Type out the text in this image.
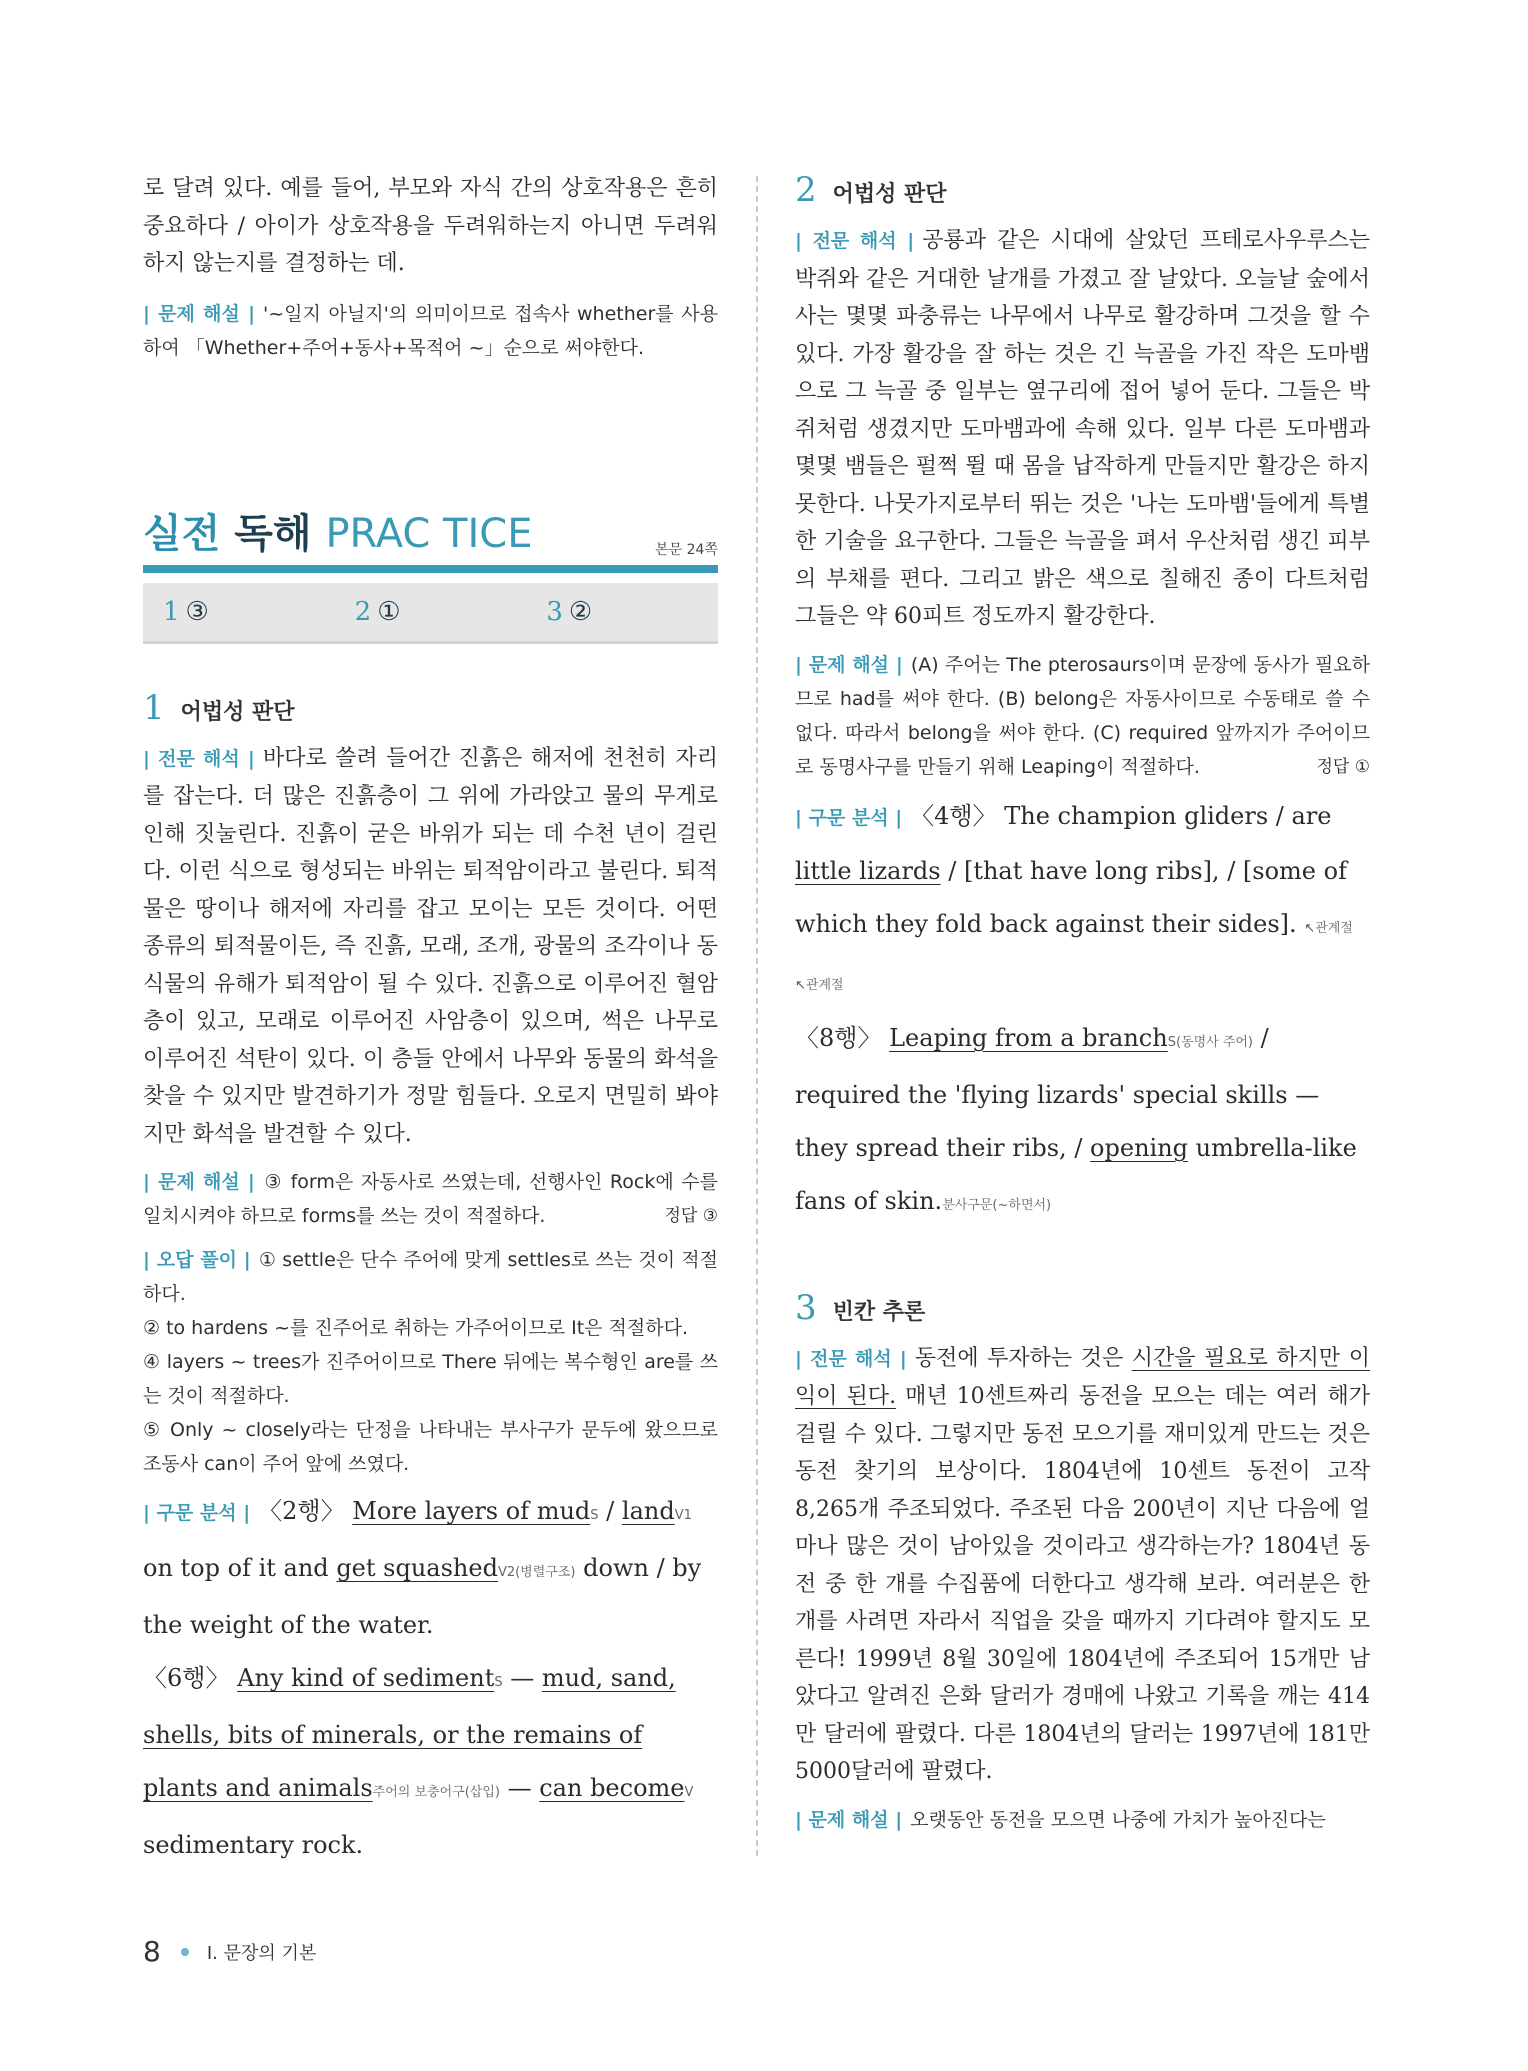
로 달려 있다. 예를 들어, 부모와 자식 간의 상호작용은 흔히 중요하다 / 아이가 상호작용을 두려워하는지 아니면 두려워하지 않는지를 결정하는 데.

| 문제 해설 | '~일지 아닐지'의 의미이므로 접속사 whether를 사용하여 「Whether+주어+동사+목적어 ~」순으로 써야한다.

실전 독해 PRAC TICE	본문 24쪽
1 ③	2 ①	3 ②
1 어법성 판단

| 전문 해석 | 바다로 쓸려 들어간 진흙은 해저에 천천히 자리를 잡는다. 더 많은 진흙층이 그 위에 가라앉고 물의 무게로 인해 짓눌린다. 진흙이 굳은 바위가 되는 데 수천 년이 걸린다. 이런 식으로 형성되는 바위는 퇴적암이라고 불린다. 퇴적물은 땅이나 해저에 자리를 잡고 모이는 모든 것이다. 어떤 종류의 퇴적물이든, 즉 진흙, 모래, 조개, 광물의 조각이나 동식물의 유해가 퇴적암이 될 수 있다. 진흙으로 이루어진 혈암층이 있고, 모래로 이루어진 사암층이 있으며, 썩은 나무로 이루어진 석탄이 있다. 이 층들 안에서 나무와 동물의 화석을 찾을 수 있지만 발견하기가 정말 힘들다. 오로지 면밀히 봐야지만 화석을 발견할 수 있다.

| 문제 해설 | ③ form은 자동사로 쓰였는데, 선행사인 Rock에 수를 일치시켜야 하므로 forms를 쓰는 것이 적절하다.	정답 ③

| 오답 풀이 | ① settle은 단수 주어에 맞게 settles로 쓰는 것이 적절하다.
② to hardens ~를 진주어로 취하는 가주어이므로 It은 적절하다.
④ layers ~ trees가 진주어이므로 There 뒤에는 복수형인 are를 쓰는 것이 적절하다.
⑤ Only ~ closely라는 단정을 나타내는 부사구가 문두에 왔으므로 조동사 can이 주어 앞에 쓰였다.

| 구문 분석 | 〈2행〉 More layers of mudS / landV1 on top of it and get squashedV2(병렬구조) down / by the weight of the water.

〈6행〉 Any kind of sedimentS — mud, sand, shells, bits of minerals, or the remains of plants and animals주어의 보충어구(삽입) — can becomeV sedimentary rock.

2 어법성 판단

| 전문 해석 | 공룡과 같은 시대에 살았던 프테로사우루스는 박쥐와 같은 거대한 날개를 가졌고 잘 날았다. 오늘날 숲에서 사는 몇몇 파충류는 나무에서 나무로 활강하며 그것을 할 수 있다. 가장 활강을 잘 하는 것은 긴 늑골을 가진 작은 도마뱀으로 그 늑골 중 일부는 옆구리에 접어 넣어 둔다. 그들은 박쥐처럼 생겼지만 도마뱀과에 속해 있다. 일부 다른 도마뱀과 몇몇 뱀들은 펄쩍 뛸 때 몸을 납작하게 만들지만 활강은 하지 못한다. 나뭇가지로부터 뛰는 것은 '나는 도마뱀'들에게 특별한 기술을 요구한다. 그들은 늑골을 펴서 우산처럼 생긴 피부의 부채를 편다. 그리고 밝은 색으로 칠해진 종이 다트처럼 그들은 약 60피트 정도까지 활강한다.

| 문제 해설 | (A) 주어는 The pterosaurs이며 문장에 동사가 필요하므로 had를 써야 한다. (B) belong은 자동사이므로 수동태로 쓸 수 없다. 따라서 belong을 써야 한다. (C) required 앞까지가 주어이므로 동명사구를 만들기 위해 Leaping이 적절하다.	정답 ①

| 구문 분석 | 〈4행〉 The champion gliders / are little lizards / [that have long ribs], / [some of which they fold back against their sides]. ↖관계절 ↖관계절

〈8행〉 Leaping from a branchS(동명사 주어) / required the 'flying lizards' special skills — they spread their ribs, / opening umbrella-like fans of skin.분사구문(~하면서)

3 빈칸 추론

| 전문 해석 | 동전에 투자하는 것은 시간을 필요로 하지만 이익이 된다. 매년 10센트짜리 동전을 모으는 데는 여러 해가 걸릴 수 있다. 그렇지만 동전 모으기를 재미있게 만드는 것은 동전 찾기의 보상이다. 1804년에 10센트 동전이 고작 8,265개 주조되었다. 주조된 다음 200년이 지난 다음에 얼마나 많은 것이 남아있을 것이라고 생각하는가? 1804년 동전 중 한 개를 수집품에 더한다고 생각해 보라. 여러분은 한 개를 사려면 자라서 직업을 갖을 때까지 기다려야 할지도 모른다! 1999년 8월 30일에 1804년에 주조되어 15개만 남았다고 알려진 은화 달러가 경매에 나왔고 기록을 깨는 414만 달러에 팔렸다. 다른 1804년의 달러는 1997년에 181만 5000달러에 팔렸다.

| 문제 해설 | 오랫동안 동전을 모으면 나중에 가치가 높아진다는

8	I. 문장의 기본
